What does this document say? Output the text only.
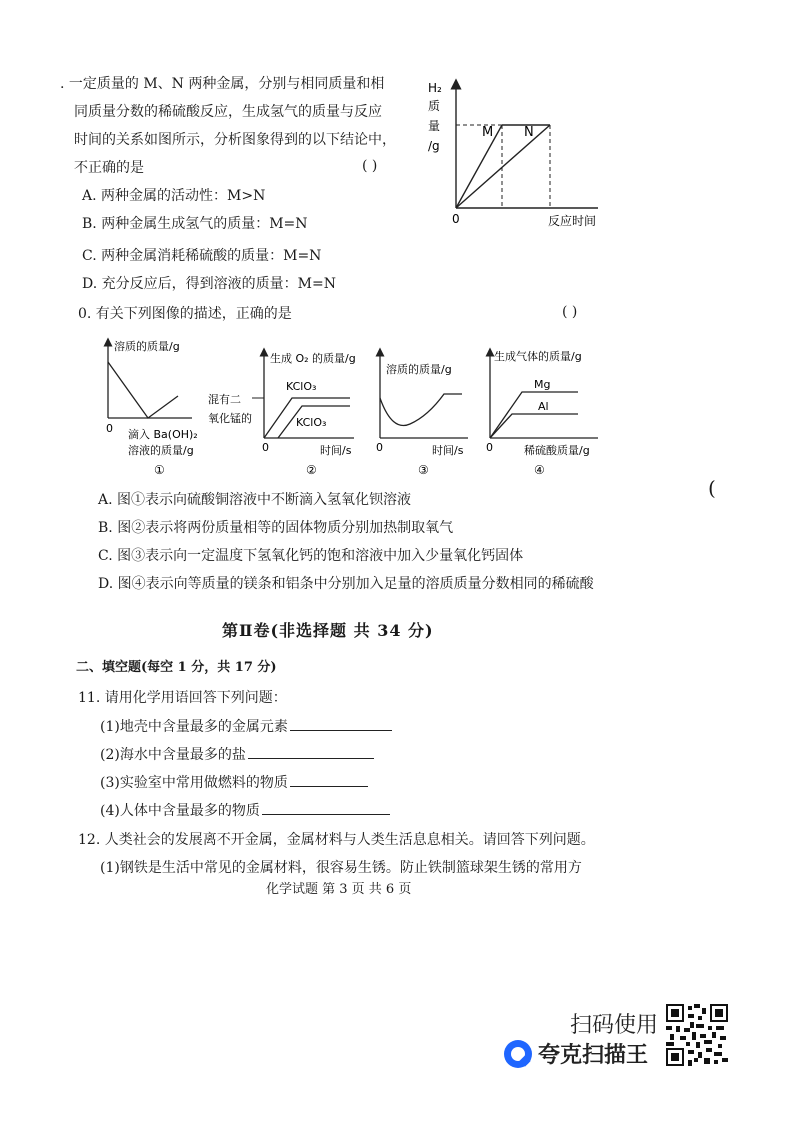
. 一定质量的 M、N 两种金属，分别与相同质量和相
同质量分数的稀硫酸反应，生成氢气的质量与反应
时间的关系如图所示，分析图象得到的以下结论中，
不正确的是	( )
A. 两种金属的活动性：M>N
B. 两种金属生成氢气的质量：M=N
C. 两种金属消耗稀硫酸的质量：M=N
D. 充分反应后，得到溶液的质量：M=N
H₂
质
量
/g
M N
0	反应时间
0. 有关下列图像的描述，正确的是	( )
溶质的质量/g
0 滴入 Ba(OH)₂
溶液的质量/g
①
生成 O₂ 的质量/g
混有二
氧化锰的
KClO₃
KClO₃
0	时间/s
②
溶质的质量/g
0	时间/s
③
生成气体的质量/g
Mg
Al
0	稀硫酸质量/g
④
A. 图①表示向硫酸铜溶液中不断滴入氢氧化钡溶液
B. 图②表示将两份质量相等的固体物质分别加热制取氧气
C. 图③表示向一定温度下氢氧化钙的饱和溶液中加入少量氧化钙固体
D. 图④表示向等质量的镁条和铝条中分别加入足量的溶质质量分数相同的稀硫酸
(
第Ⅱ卷(非选择题 共 34 分)
二、填空题(每空 1 分，共 17 分)
11. 请用化学用语回答下列问题：
(1)地壳中含量最多的金属元素
(2)海水中含量最多的盐
(3)实验室中常用做燃料的物质
(4)人体中含量最多的物质
12. 人类社会的发展离不开金属，金属材料与人类生活息息相关。请回答下列问题。
(1)钢铁是生活中常见的金属材料，很容易生锈。防止铁制篮球架生锈的常用方
化学试题 第 3 页 共 6 页
扫码使用
夸克扫描王
